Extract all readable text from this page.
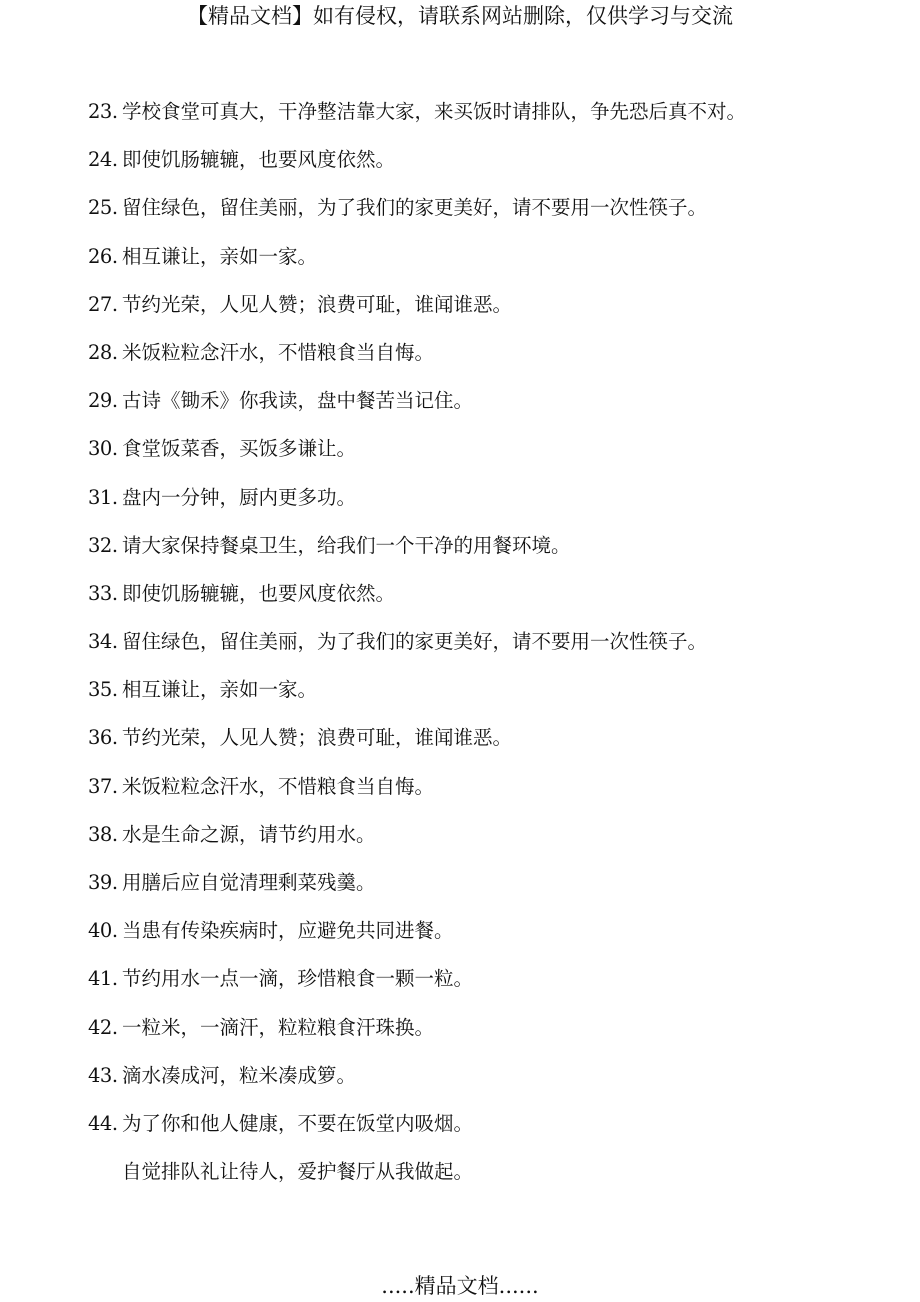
【精品文档】如有侵权，请联系网站删除，仅供学习与交流
23. 学校食堂可真大，干净整洁靠大家，来买饭时请排队，争先恐后真不对。
24. 即使饥肠辘辘，也要风度依然。
25. 留住绿色，留住美丽，为了我们的家更美好，请不要用一次性筷子。
26. 相互谦让，亲如一家。
27. 节约光荣，人见人赞；浪费可耻，谁闻谁恶。
28. 米饭粒粒念汗水，不惜粮食当自悔。
29. 古诗《锄禾》你我读，盘中餐苦当记住。
30. 食堂饭菜香，买饭多谦让。
31. 盘内一分钟，厨内更多功。
32. 请大家保持餐桌卫生，给我们一个干净的用餐环境。
33. 即使饥肠辘辘，也要风度依然。
34. 留住绿色，留住美丽，为了我们的家更美好，请不要用一次性筷子。
35. 相互谦让，亲如一家。
36. 节约光荣，人见人赞；浪费可耻，谁闻谁恶。
37. 米饭粒粒念汗水，不惜粮食当自悔。
38. 水是生命之源，请节约用水。
39. 用膳后应自觉清理剩菜残羹。
40. 当患有传染疾病时，应避免共同进餐。
41. 节约用水一点一滴，珍惜粮食一颗一粒。
42. 一粒米，一滴汗，粒粒粮食汗珠换。
43. 滴水凑成河，粒米凑成箩。
44. 为了你和他人健康，不要在饭堂内吸烟。
自觉排队礼让待人，爱护餐厅从我做起。
.....精品文档......
